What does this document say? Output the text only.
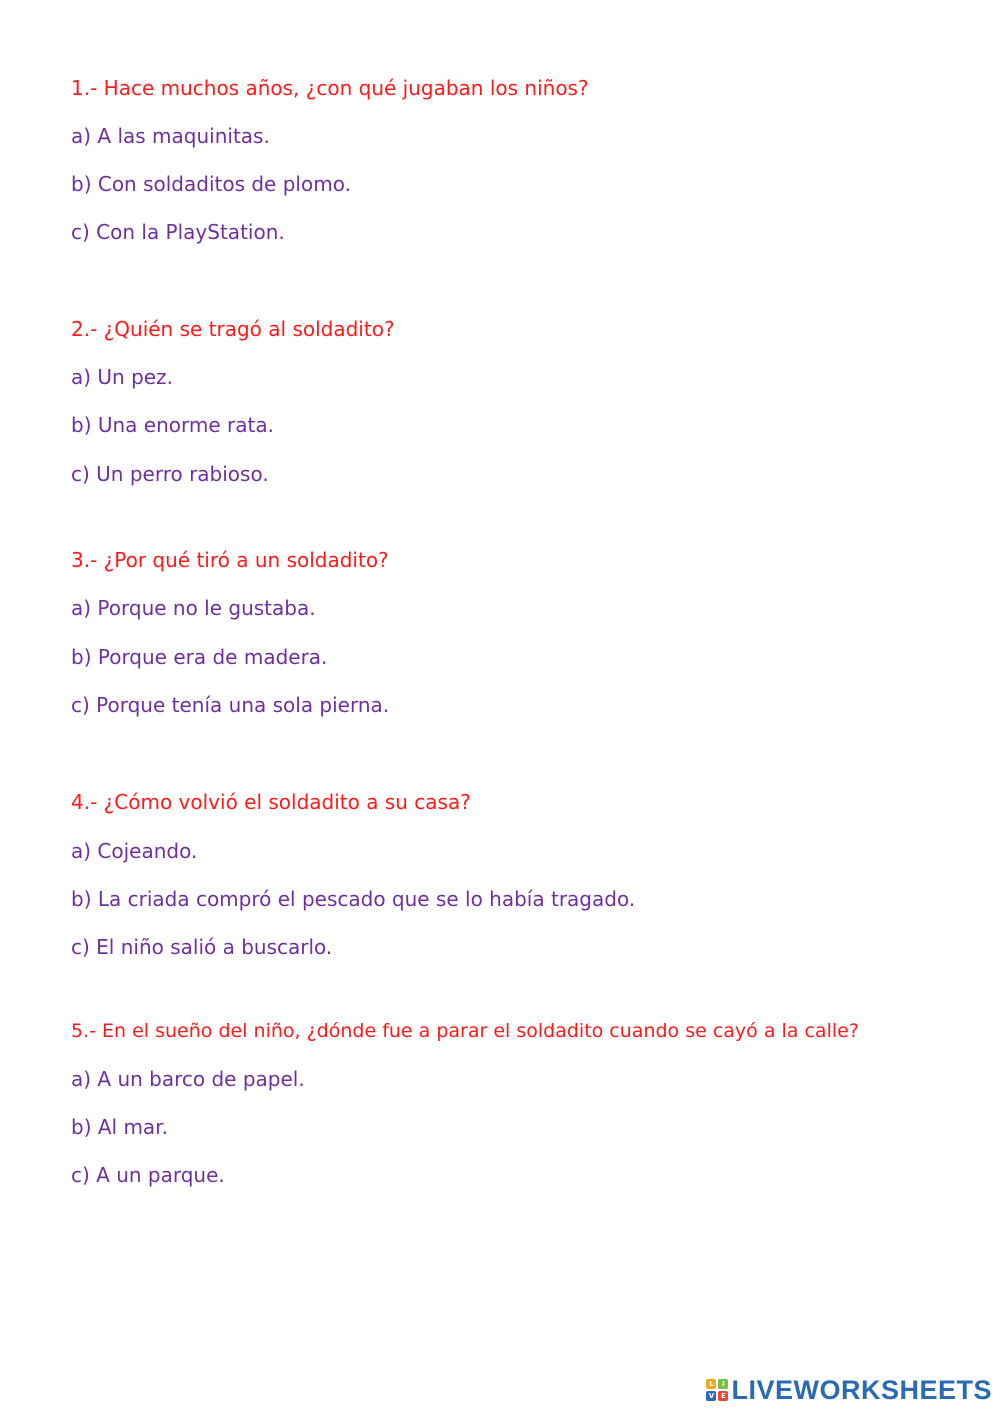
1.- Hace muchos años, ¿con qué jugaban los niños?
a) A las maquinitas.
b) Con soldaditos de plomo.
c) Con la PlayStation.
2.- ¿Quién se tragó al soldadito?
a) Un pez.
b) Una enorme rata.
c) Un perro rabioso.
3.- ¿Por qué tiró a un soldadito?
a) Porque no le gustaba.
b) Porque era de madera.
c) Porque tenía una sola pierna.
4.- ¿Cómo volvió el soldadito a su casa?
a) Cojeando.
b) La criada compró el pescado que se lo había tragado.
c) El niño salió a buscarlo.
5.- En el sueño del niño, ¿dónde fue a parar el soldadito cuando se cayó a la calle?
a) A un barco de papel.
b) Al mar.
c) A un parque.
L	I
V E LIVEWORKSHEETS
